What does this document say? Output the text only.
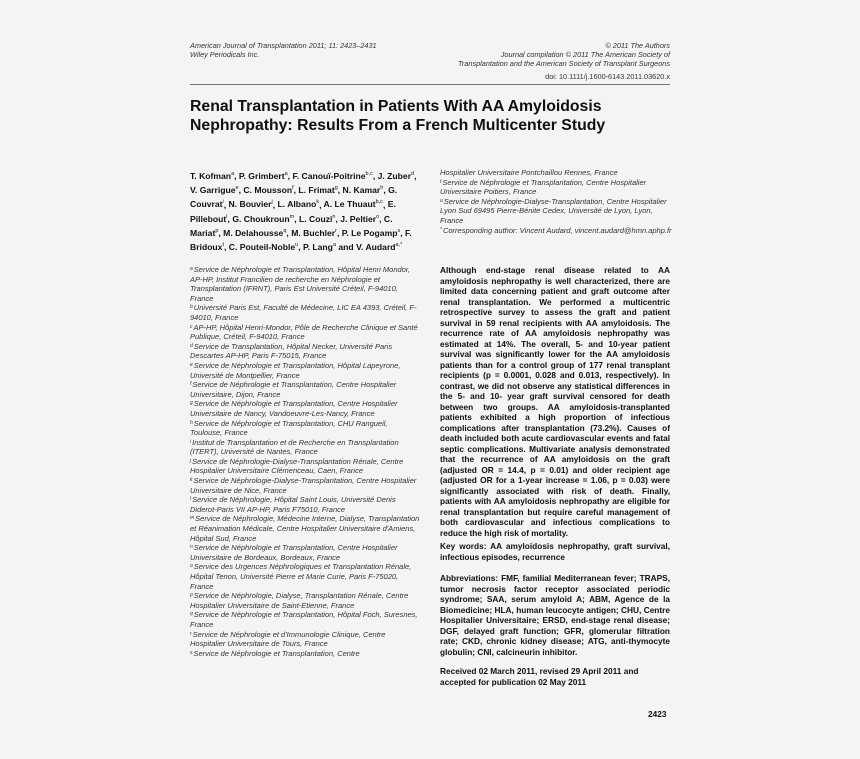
American Journal of Transplantation 2011; 11: 2423–2431
Wiley Periodicals Inc.
© 2011 The Authors
Journal compilation © 2011 The American Society of
Transplantation and the American Society of Transplant Surgeons
doi: 10.1111/j.1600-6143.2011.03620.x
Renal Transplantation in Patients With AA Amyloidosis
Nephropathy: Results From a French Multicenter Study
T. Kofman$^a$, P. Grimbert$^a$, F. Canouï-Poitrine$^{b,c}$, J. Zuber$^d$, V. Garrigue$^e$, C. Mousson$^f$, L. Frimat$^g$, N. Kamar$^h$, G. Couvrat$^i$, N. Bouvier$^j$, L. Albano$^k$, A. Le Thuaut$^{b,c}$, E. Pillebout$^l$, G. Choukroun$^m$, L. Couzi$^n$, J. Peltier$^o$, C. Mariat$^p$, M. Delahousse$^q$, M. Buchler$^r$, P. Le Pogamp$^s$, F. Bridoux$^t$, C. Pouteil-Noble$^u$, P. Lang$^a$ and V. Audard$^{a,*}$
Hospitalier Universitaire Pontchaillou Rennes, France
$^t$Service de Néphrologie et Transplantation, Centre Hospitalier Universitaire Poitiers, France
$^u$Service de Néphrologie-Dialyse-Transplantation, Centre Hospitalier Lyon Sud 69495 Pierre-Bénite Cedex, Université de Lyon, Lyon, France
*Corresponding author: Vincent Audard, vincent.audard@hmn.aphp.fr
$^a$Service de Néphrologie et Transplantation, Hôpital Henri Mondor, AP-HP, Institut Francilien de recherche en Néphrologie et Transplantation (IFRNT), Paris Est Université Créteil, F-94010, France
$^b$Université Paris Est, Faculté de Médecine, LIC EA 4393, Créteil, F-94010, France
$^c$AP-HP, Hôpital Henri-Mondor, Pôle de Recherche Clinique et Santé Publique, Créteil, F-94010, France
$^d$Service de Transplantation, Hôpital Necker, Université Paris Descartes AP-HP, Paris F-75015, France
$^e$Service de Néphrologie et Transplantation, Hôpital Lapeyrone, Université de Montpellier, France
$^f$Service de Néphrologie et Transplantation, Centre Hospitalier Universitaire, Dijon, France
$^g$Service de Néphrologie et Transplantation, Centre Hospitalier Universitaire de Nancy, Vandoeuvre-Les-Nancy, France
$^h$Service de Néphrologie et Transplantation, CHU Rangueil, Toulouse, France
$^i$Institut de Transplantation et de Recherche en Transplantation (ITERT), Université de Nantes, France
$^j$Service de Néphrologie-Dialyse-Transplantation Rénale, Centre Hospitalier Universitaire Clémenceau, Caen, France
$^k$Service de Néphrologie-Dialyse-Transplantation, Centre Hospitalier Universitaire de Nice, France
$^l$Service de Néphrologie, Hôpital Saint Louis, Université Denis Diderot-Paris VII AP-HP, Paris F75010, France
$^m$Service de Néphrologie, Médecine Interne, Dialyse, Transplantation et Réanimation Médicale, Centre Hospitalier Universitaire d'Amiens, Hôpital Sud, France
$^n$Service de Néphrologie et Transplantation, Centre Hospitalier Universitaire de Bordeaux, Bordeaux, France
$^o$Service des Urgences Néphrologiques et Transplantation Rénale, Hôpital Tenon, Université Pierre et Marie Curie, Paris F-75020, France
$^p$Service de Néphrologie, Dialyse, Transplantation Rénale, Centre Hospitalier Universitaire de Saint-Etienne, France
$^q$Service de Néphrologie et Transplantation, Hôpital Foch, Suresnes, France
$^r$Service de Néphrologie et d'Immunologie Clinique, Centre Hospitalier Universitaire de Tours, France
$^s$Service de Néphrologie et Transplantation, Centre
Although end-stage renal disease related to AA amyloidosis nephropathy is well characterized, there are limited data concerning patient and graft outcome after renal transplantation. We performed a multicentric retrospective survey to assess the graft and patient survival in 59 renal recipients with AA amyloidosis. The recurrence rate of AA amyloidosis nephropathy was estimated at 14%. The overall, 5- and 10-year patient survival was significantly lower for the AA amyloidosis patients than for a control group of 177 renal transplant recipients (p = 0.0001, 0.028 and 0.013, respectively). In contrast, we did not observe any statistical differences in the 5- and 10- year graft survival censored for death between two groups. AA amyloidosis-transplanted patients exhibited a high proportion of infectious complications after transplantation (73.2%). Causes of death included both acute cardiovascular events and fatal septic complications. Multivariate analysis demonstrated that the recurrence of AA amyloidosis on the graft (adjusted OR = 14.4, p = 0.01) and older recipient age (adjusted OR for a 1-year increase = 1.06, p = 0.03) were significantly associated with risk of death. Finally, patients with AA amyloidosis nephropathy are eligible for renal transplantation but require careful management of both cardiovascular and infectious complications to reduce the high risk of mortality.
Key words: AA amyloidosis nephropathy, graft survival, infectious episodes, recurrence
Abbreviations: FMF, familial Mediterranean fever; TRAPS, tumor necrosis factor receptor associated periodic syndrome; SAA, serum amyloid A; ABM, Agence de la Biomedicine; HLA, human leucocyte antigen; CHU, Centre Hospitalier Universitaire; ERSD, end-stage renal disease; DGF, delayed graft function; GFR, glomerular filtration rate; CKD, chronic kidney disease; ATG, anti-thymocyte globulin; CNI, calcineurin inhibitor.
Received 02 March 2011, revised 29 April 2011 and accepted for publication 02 May 2011
2423
